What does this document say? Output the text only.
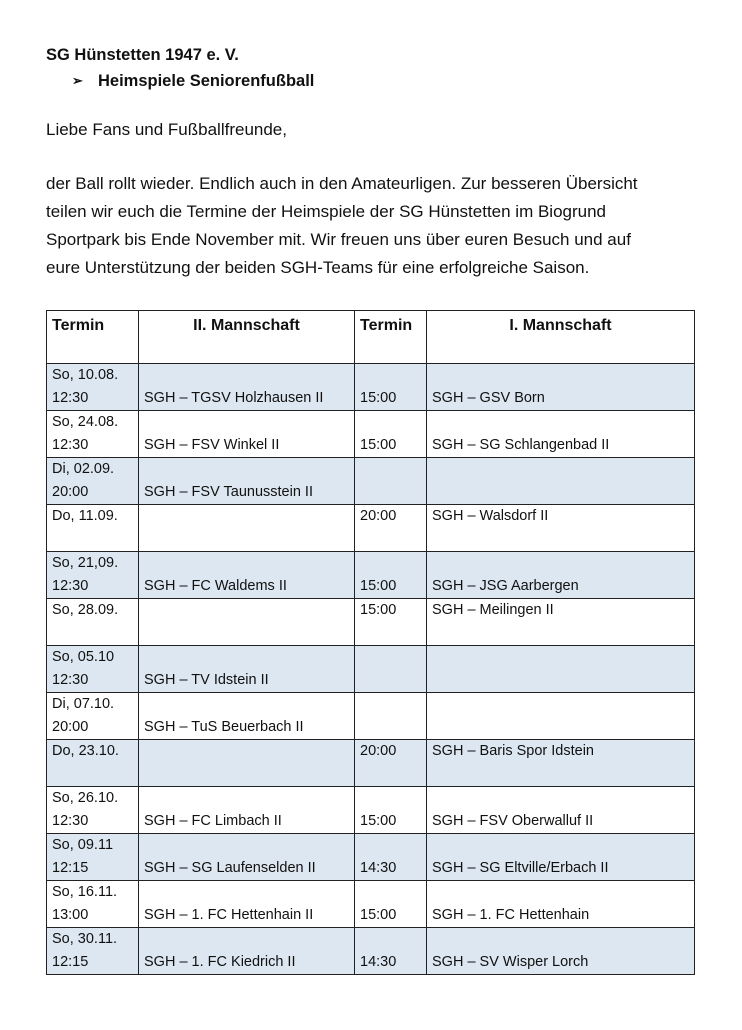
SG Hünstetten 1947 e. V.
➢ Heimspiele Seniorenfußball
Liebe Fans und Fußballfreunde,
der Ball rollt wieder. Endlich auch in den Amateurligen. Zur besseren Übersicht
teilen wir euch die Termine der Heimspiele der SG Hünstetten im Biogrund
Sportpark bis Ende November mit. Wir freuen uns über euren Besuch und auf
eure Unterstützung der beiden SGH-Teams für eine erfolgreiche Saison.
Termin	II. Mannschaft	Termin	I. Mannschaft

So, 10.08.
12:30	SGH – TGSV Holzhausen II	15:00	SGH – GSV Born

So, 24.08.
12:30	SGH – FSV Winkel II	15:00	SGH – SG Schlangenbad II

Di, 02.09.
20:00	SGH – FSV Taunusstein II		

Do, 11.09.		20:00	SGH – Walsdorf II

So, 21,09.
12:30	SGH – FC Waldems II	15:00	SGH – JSG Aarbergen

So, 28.09.		15:00	SGH – Meilingen II

So, 05.10
12:30	SGH – TV Idstein II		

Di, 07.10.
20:00	SGH – TuS Beuerbach II		

Do, 23.10.		20:00	SGH – Baris Spor Idstein

So, 26.10.
12:30	SGH – FC Limbach II	15:00	SGH – FSV Oberwalluf II

So, 09.11
12:15	SGH – SG Laufenselden II	14:30	SGH – SG Eltville/Erbach II

So, 16.11.
13:00	SGH – 1. FC Hettenhain II	15:00	SGH – 1. FC Hettenhain

So, 30.11.
12:15	SGH – 1. FC Kiedrich II	14:30	SGH – SV Wisper Lorch
